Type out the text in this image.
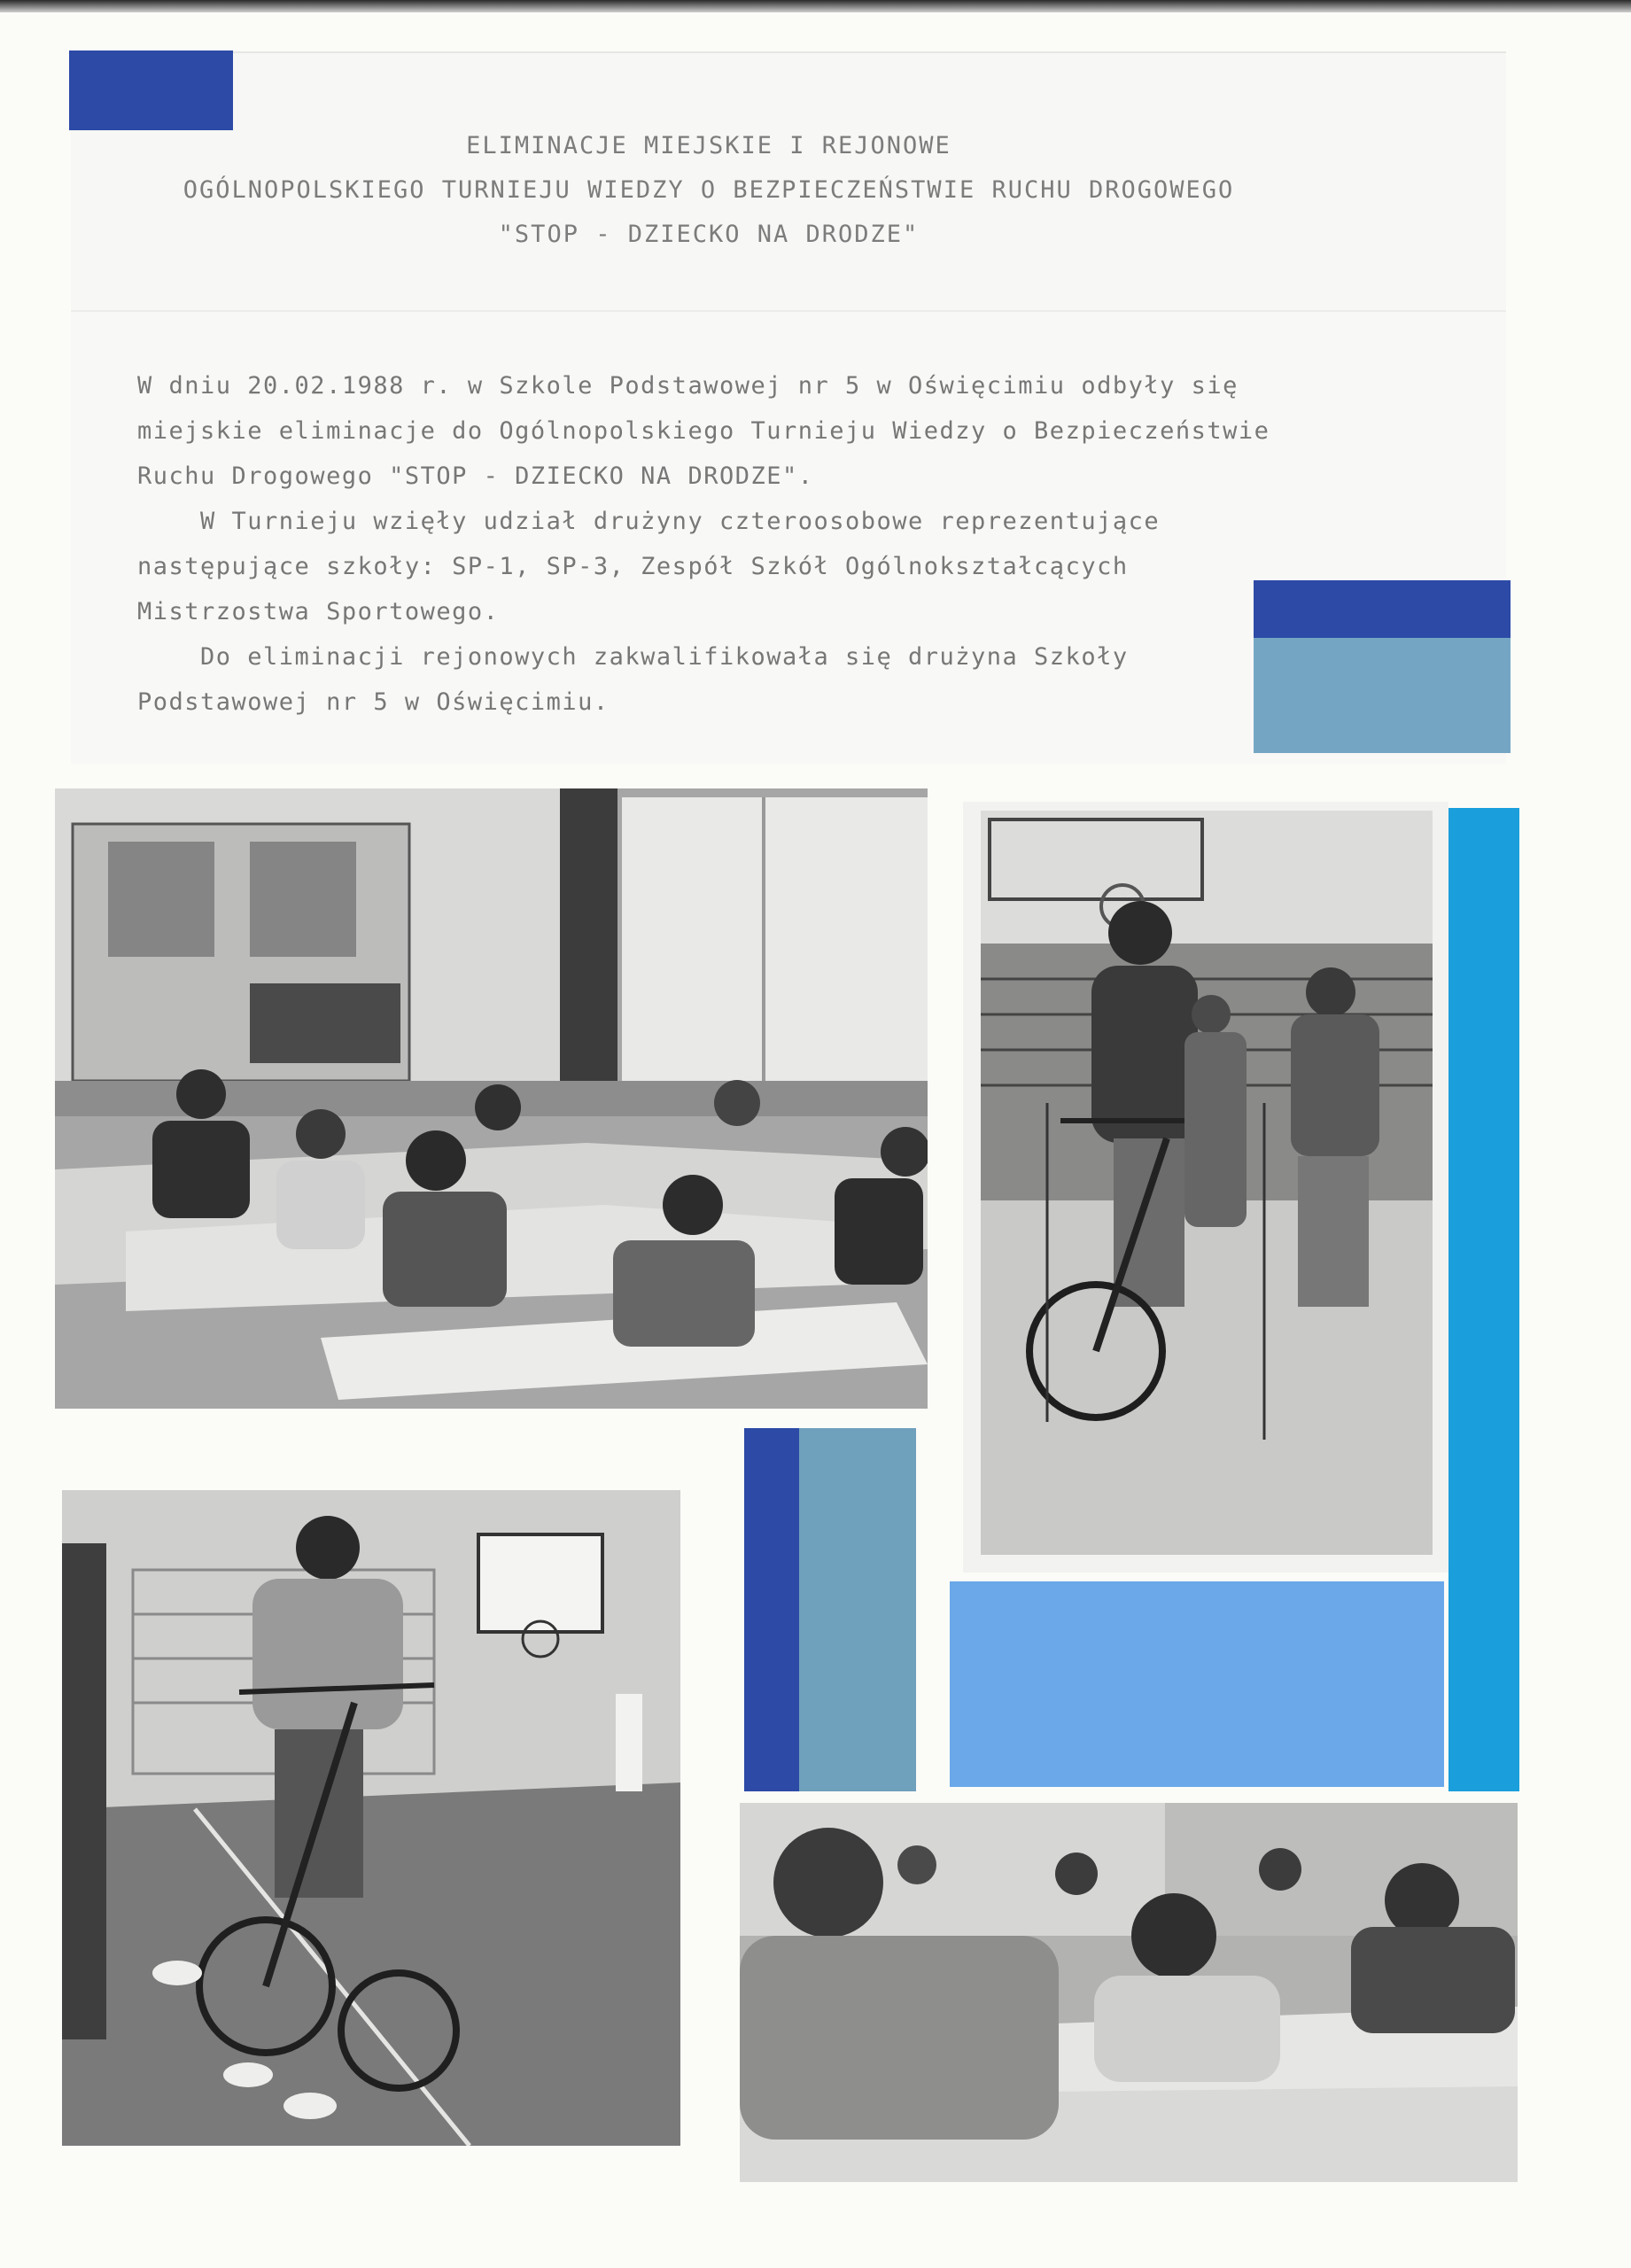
ELIMINACJE MIEJSKIE I REJONOWE
OGÓLNOPOLSKIEGO TURNIEJU WIEDZY O BEZPIECZEŃSTWIE RUCHU DROGOWEGO
"STOP - DZIECKO NA DRODZE"

W dniu 20.02.1988 r. w Szkole Podstawowej nr 5 w Oświęcimiu odbyły się

miejskie eliminacje do Ogólnopolskiego Turnieju Wiedzy o Bezpieczeństwie

Ruchu Drogowego "STOP - DZIECKO NA DRODZE".

W Turnieju wzięły udział drużyny czteroosobowe reprezentujące

następujące szkoły: SP-1, SP-3, Zespół Szkół Ogólnokształcących

Mistrzostwa Sportowego.

Do eliminacji rejonowych zakwalifikowała się drużyna Szkoły

Podstawowej nr 5 w Oświęcimiu.
